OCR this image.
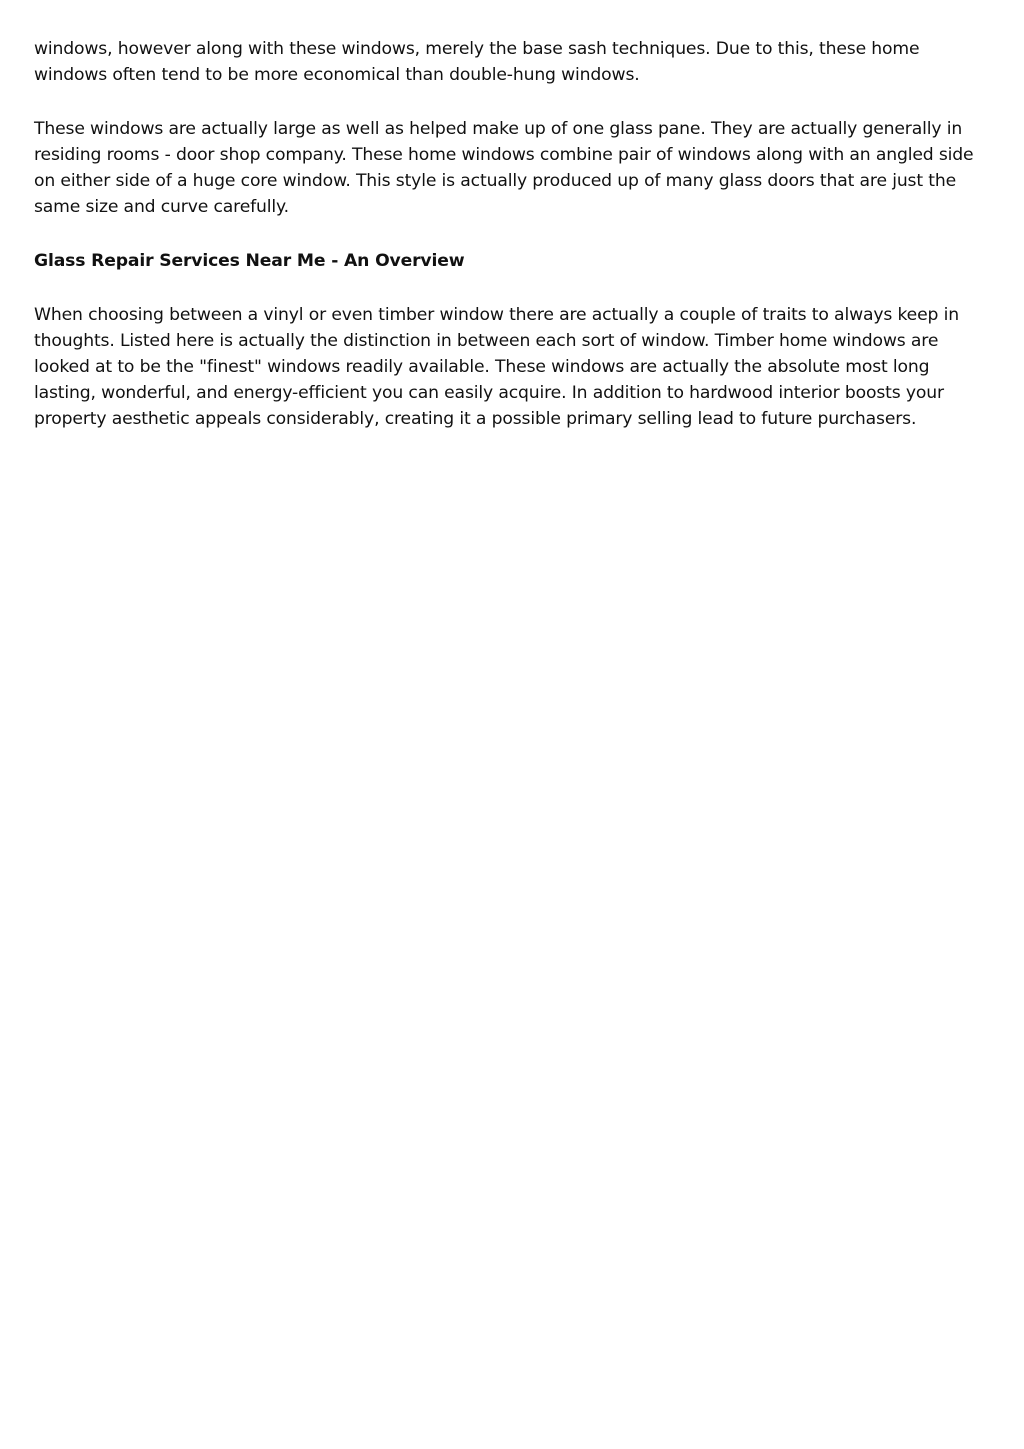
windows, however along with these windows, merely the base sash techniques. Due to this, these home windows often tend to be more economical than double-hung windows.

These windows are actually large as well as helped make up of one glass pane. They are actually generally in residing rooms - door shop company. These home windows combine pair of windows along with an angled side on either side of a huge core window. This style is actually produced up of many glass doors that are just the same size and curve carefully.

Glass Repair Services Near Me - An Overview

When choosing between a vinyl or even timber window there are actually a couple of traits to always keep in thoughts. Listed here is actually the distinction in between each sort of window. Timber home windows are looked at to be the "finest" windows readily available. These windows are actually the absolute most long lasting, wonderful, and energy-efficient you can easily acquire. In addition to hardwood interior boosts your property aesthetic appeals considerably, creating it a possible primary selling lead to future purchasers.
